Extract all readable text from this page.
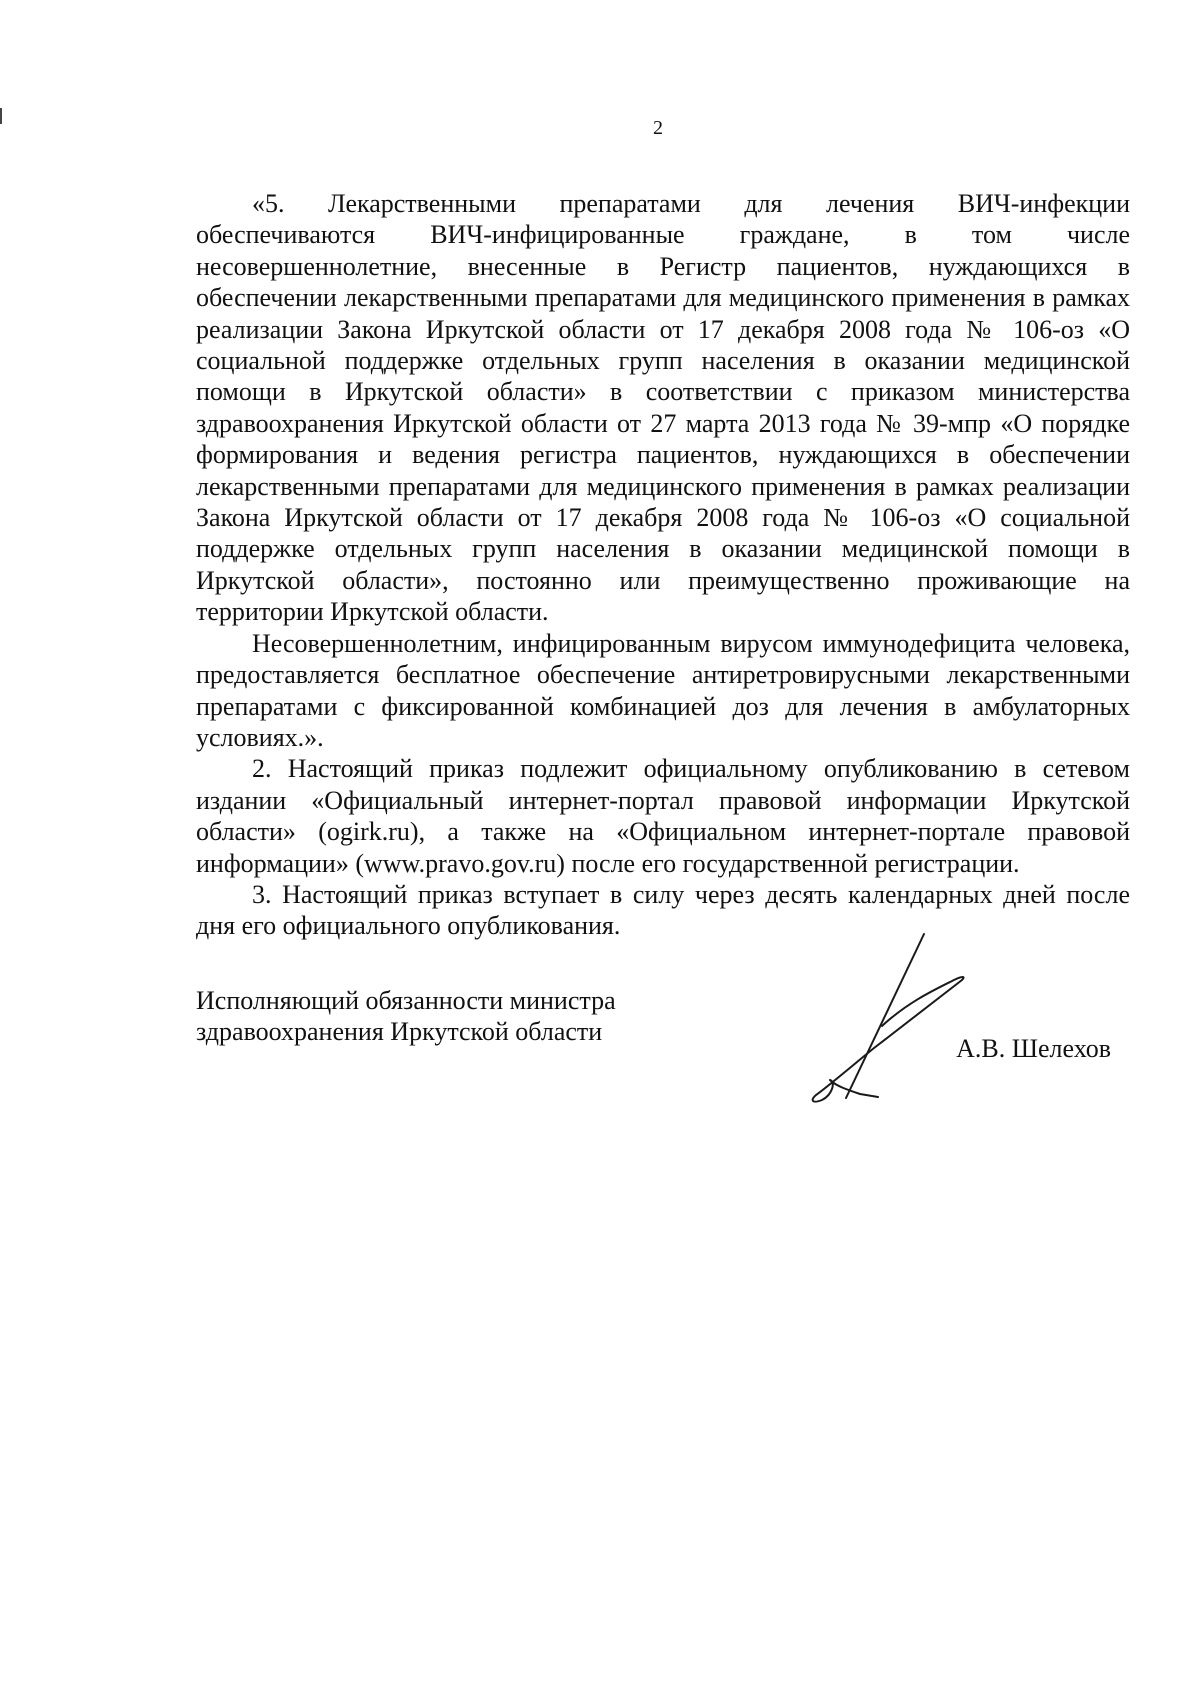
2

«5. Лекарственными препаратами для лечения ВИЧ-инфекции обеспечиваются ВИЧ-инфицированные граждане, в том числе несовершеннолетние, внесенные в Регистр пациентов, нуждающихся в обеспечении лекарственными препаратами для медицинского применения в рамках реализации Закона Иркутской области от 17 декабря 2008 года № 106-оз «О социальной поддержке отдельных групп населения в оказании медицинской помощи в Иркутской области» в соответствии с приказом министерства здравоохранения Иркутской области от 27 марта 2013 года № 39-мпр «О порядке формирования и ведения регистра пациентов, нуждающихся в обеспечении лекарственными препаратами для медицинского применения в рамках реализации Закона Иркутской области от 17 декабря 2008 года № 106-оз «О социальной поддержке отдельных групп населения в оказании медицинской помощи в Иркутской области», постоянно или преимущественно проживающие на территории Иркутской области.

Несовершеннолетним, инфицированным вирусом иммунодефицита человека, предоставляется бесплатное обеспечение антиретровирусными лекарственными препаратами с фиксированной комбинацией доз для лечения в амбулаторных условиях.».

2. Настоящий приказ подлежит официальному опубликованию в сетевом издании «Официальный интернет-портал правовой информации Иркутской области» (ogirk.ru), а также на «Официальном интернет-портале правовой информации» (www.pravo.gov.ru) после его государственной регистрации.

3. Настоящий приказ вступает в силу через десять календарных дней после дня его официального опубликования.

Исполняющий обязанности министра
здравоохранения Иркутской области

А.В. Шелехов
